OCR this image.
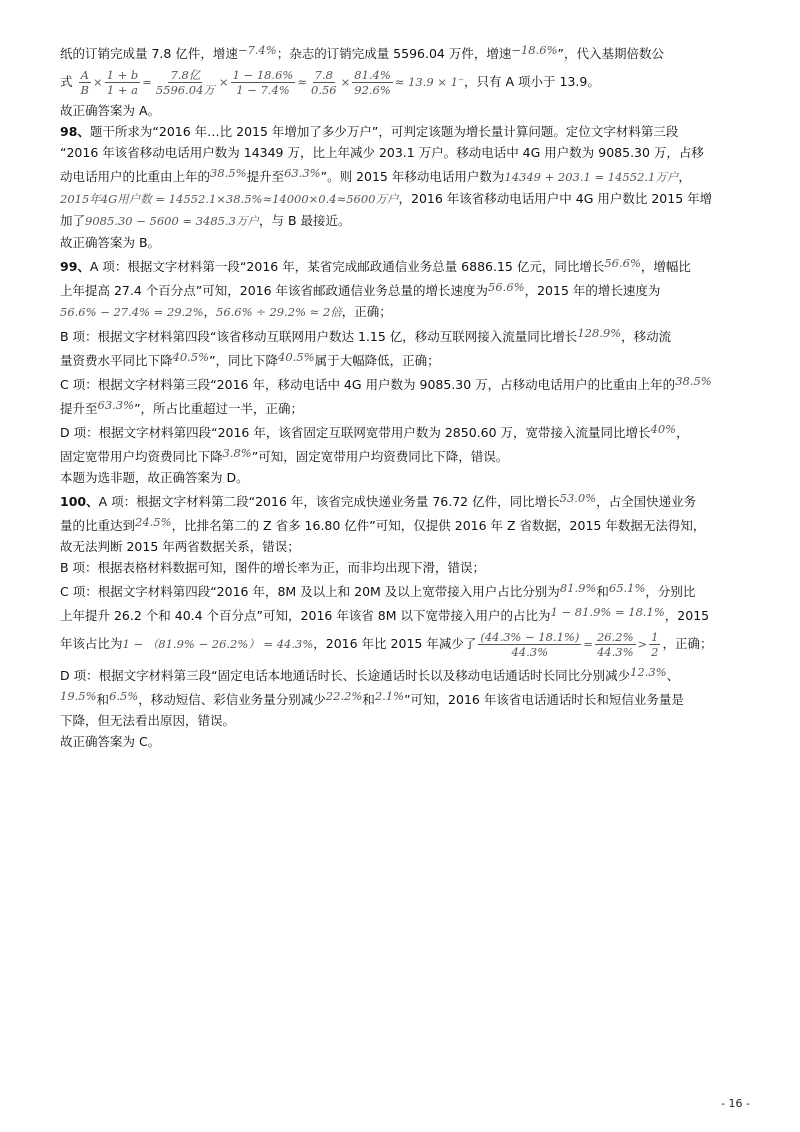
纸的订销完成量 7.8 亿件，增速−7.4%；杂志的订销完成量 5596.04 万件，增速−18.6%”，代入基期倍数公

式 $\frac{A}{B} \times \frac{1 + b}{1 + a} = \frac{\text{7.8亿}}{\text{5596.04万}} \times \frac{1 - 18.6\%}{1 - 7.4\%} \approx \frac{7.8}{0.56} \times \frac{81.4\%}{92.6\%} \approx 13.9 \times 1^-$，只有 A 项小于 13.9。

故正确答案为 A。

98、题干所求为“2016 年…比 2015 年增加了多少万户”，可判定该题为增长量计算问题。定位文字材料第三段

“2016 年该省移动电话用户数为 14349 万，比上年减少 203.1 万户。移动电话中 4G 用户数为 9085.30 万，占移

动电话用户的比重由上年的38.5%提升至63.3%”。则 2015 年移动电话用户数为14349 + 203.1 = 14552.1万户，

2015年4G用户数 = 14552.1×38.5%≈14000×0.4≈5600万户，2016 年该省移动电话用户中 4G 用户数比 2015 年增

加了9085.30 − 5600 = 3485.3万户，与 B 最接近。

故正确答案为 B。

99、A 项：根据文字材料第一段“2016 年，某省完成邮政通信业务总量 6886.15 亿元，同比增长56.6%，增幅比

上年提高 27.4 个百分点”可知，2016 年该省邮政通信业务总量的增长速度为56.6%，2015 年的增长速度为

56.6% − 27.4% = 29.2%，56.6% ÷ 29.2% ≈ 2倍，正确；

B 项：根据文字材料第四段“该省移动互联网用户数达 1.15 亿，移动互联网接入流量同比增长128.9%，移动流

量资费水平同比下降40.5%”，同比下降40.5%属于大幅降低，正确；

C 项：根据文字材料第三段“2016 年，移动电话中 4G 用户数为 9085.30 万，占移动电话用户的比重由上年的38.5%

提升至63.3%”，所占比重超过一半，正确；

D 项：根据文字材料第四段“2016 年，该省固定互联网宽带用户数为 2850.60 万，宽带接入流量同比增长40%，

固定宽带用户均资费同比下降3.8%”可知，固定宽带用户均资费同比下降，错误。

本题为选非题，故正确答案为 D。

100、A 项：根据文字材料第二段“2016 年，该省完成快递业务量 76.72 亿件，同比增长53.0%，占全国快递业务

量的比重达到24.5%，比排名第二的 Z 省多 16.80 亿件”可知，仅提供 2016 年 Z 省数据，2015 年数据无法得知，

故无法判断 2015 年两省数据关系，错误；

B 项：根据表格材料数据可知，图件的增长率为正，而非均出现下滑，错误；

C 项：根据文字材料第四段“2016 年，8M 及以上和 20M 及以上宽带接入用户占比分别为81.9%和65.1%，分别比

上年提升 26.2 个和 40.4 个百分点”可知，2016 年该省 8M 以下宽带接入用户的占比为1 − 81.9% = 18.1%，2015

年该占比为1 − （81.9% − 26.2%） = 44.3%，2016 年比 2015 年减少了 $\frac{(44.3\% - 18.1\%)}{44.3\%} = \frac{26.2\%}{44.3\%} > \frac{1}{2}$ ，正确；

D 项：根据文字材料第三段“固定电话本地通话时长、长途通话时长以及移动电话通话时长同比分别减少12.3%、

19.5%和6.5%，移动短信、彩信业务量分别减少22.2%和2.1%”可知，2016 年该省电话通话时长和短信业务量是

下降，但无法看出原因，错误。

故正确答案为 C。

- 16 -
